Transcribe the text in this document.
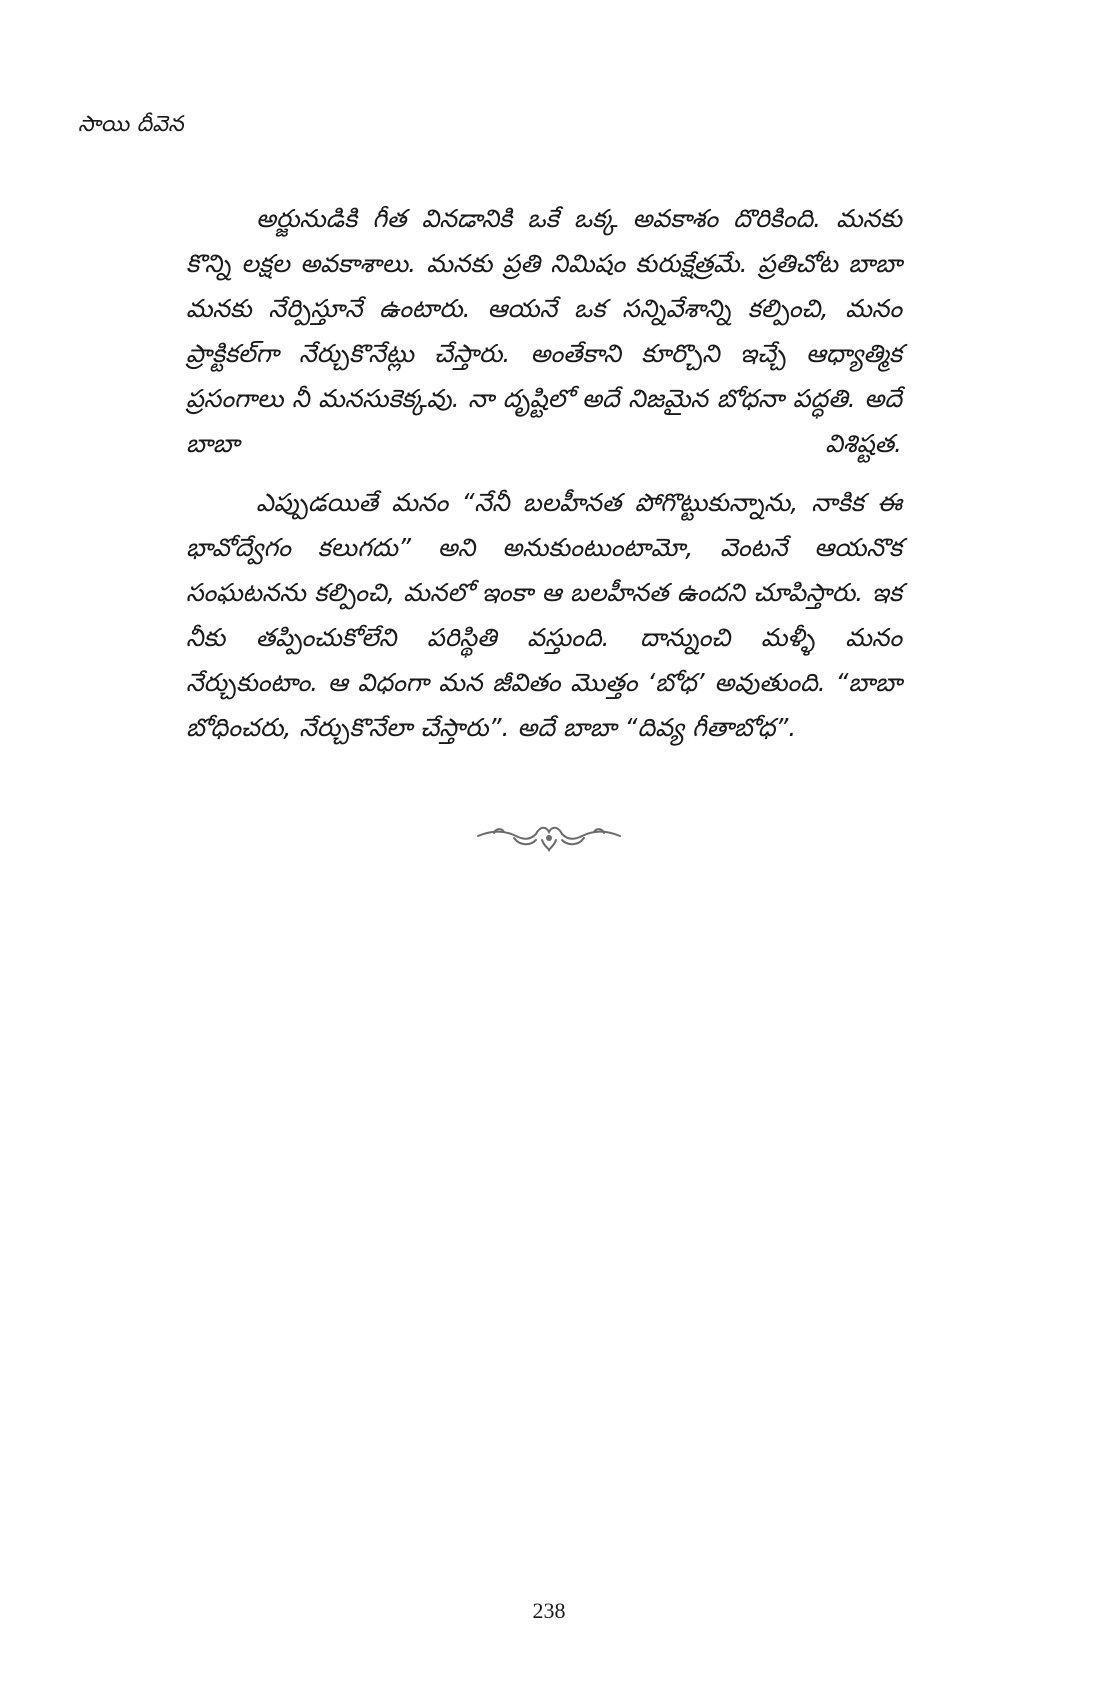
సాయి దీవెన

అర్జునుడికి గీత వినడానికి ఒకే ఒక్క అవకాశం దొరికింది. మనకు కొన్ని లక్షల అవకాశాలు. మనకు ప్రతి నిమిషం కురుక్షేత్రమే. ప్రతిచోట బాబా మనకు నేర్పిస్తూనే ఉంటారు. ఆయనే ఒక సన్నివేశాన్ని కల్పించి, మనం ప్రాక్టికల్‌గా నేర్చుకొనేట్లు చేస్తారు. అంతేకాని కూర్చొని ఇచ్చే ఆధ్యాత్మిక ప్రసంగాలు నీ మనసుకెక్కవు. నా దృష్టిలో అదే నిజమైన బోధనా పద్ధతి. అదే బాబా విశిష్టత.

ఎప్పుడయితే మనం “నేనీ బలహీనత పోగొట్టుకున్నాను, నాకిక ఈ భావోద్వేగం కలుగదు” అని అనుకుంటుంటామో, వెంటనే ఆయనొక సంఘటనను కల్పించి, మనలో ఇంకా ఆ బలహీనత ఉందని చూపిస్తారు. ఇక నీకు తప్పించుకోలేని పరిస్థితి వస్తుంది. దాన్నుంచి మళ్ళీ మనం నేర్చుకుంటాం. ఆ విధంగా మన జీవితం మొత్తం ‘బోధ’ అవుతుంది. “బాబా బోధించరు, నేర్చుకొనేలా చేస్తారు”. అదే బాబా “దివ్య గీతాబోధ”.

238
